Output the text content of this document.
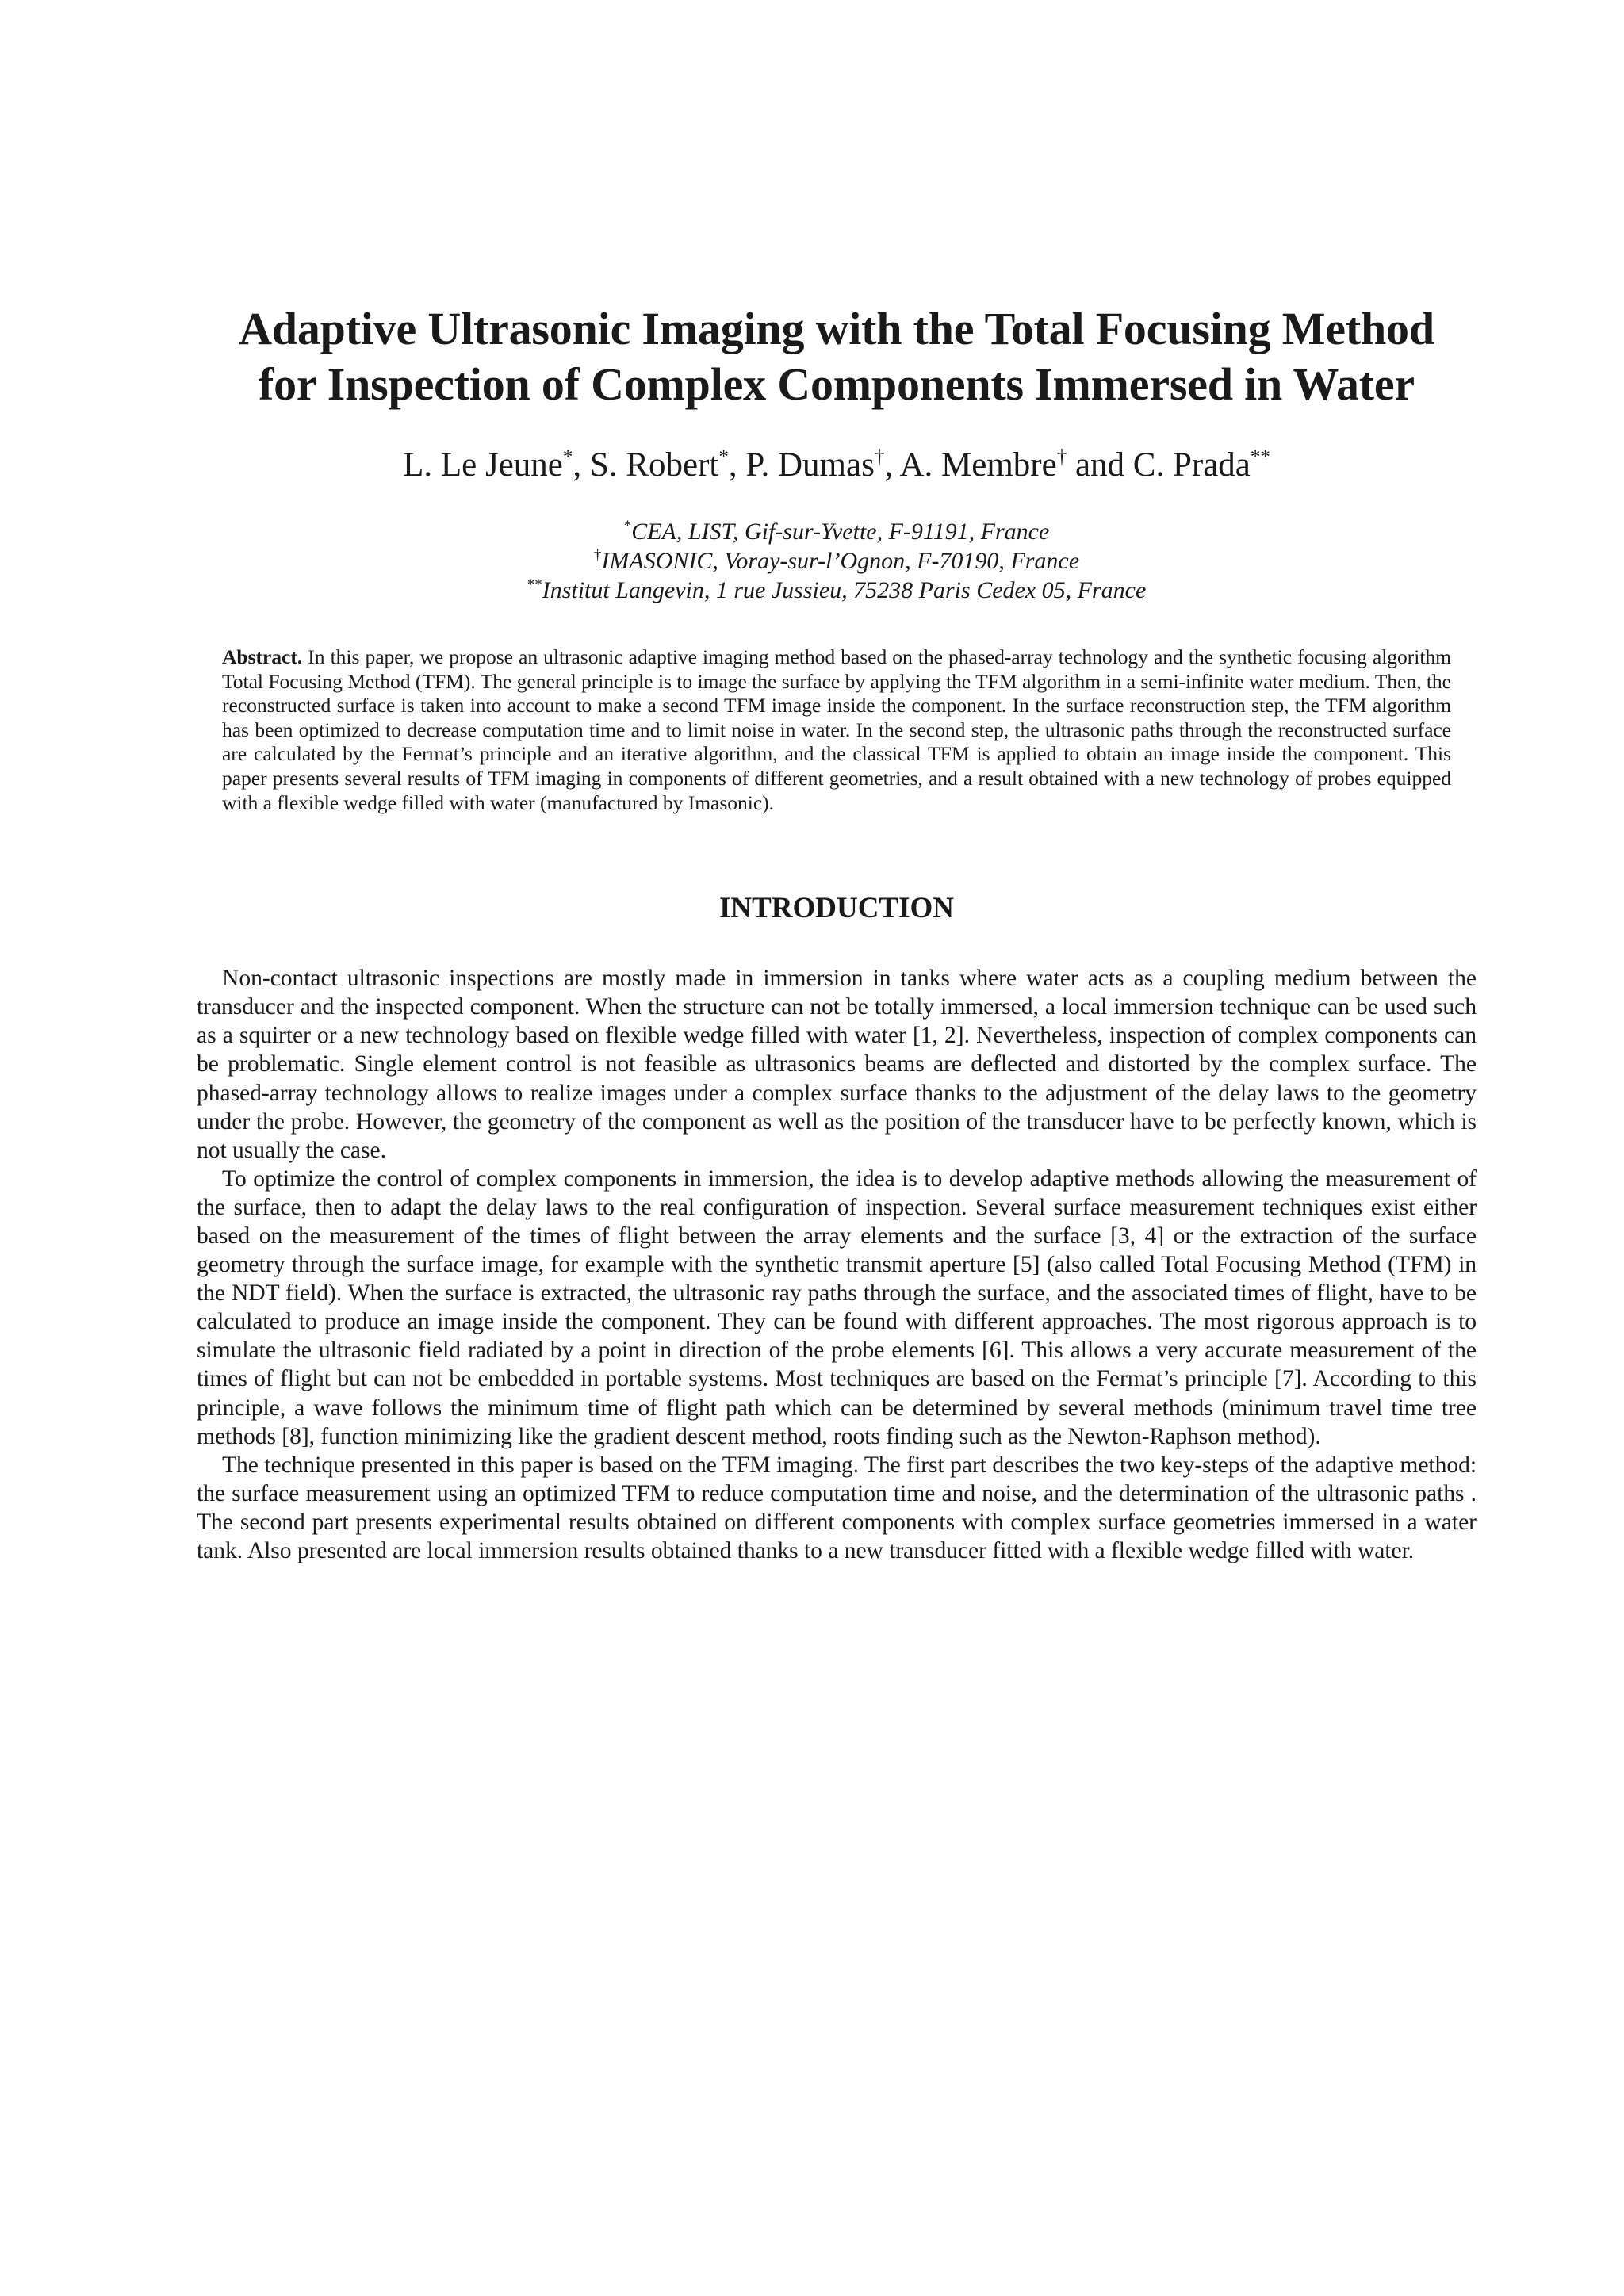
Adaptive Ultrasonic Imaging with the Total Focusing Method
for Inspection of Complex Components Immersed in Water
L. Le Jeune*, S. Robert*, P. Dumas†, A. Membre† and C. Prada**
*CEA, LIST, Gif-sur-Yvette, F-91191, France
†IMASONIC, Voray-sur-l’Ognon, F-70190, France
**Institut Langevin, 1 rue Jussieu, 75238 Paris Cedex 05, France
Abstract. In this paper, we propose an ultrasonic adaptive imaging method based on the phased-array technology and the synthetic focusing algorithm Total Focusing Method (TFM). The general principle is to image the surface by applying the TFM algorithm in a semi-infinite water medium. Then, the reconstructed surface is taken into account to make a second TFM image inside the component. In the surface reconstruction step, the TFM algorithm has been optimized to decrease computation time and to limit noise in water. In the second step, the ultrasonic paths through the reconstructed surface are calculated by the Fermat’s principle and an iterative algorithm, and the classical TFM is applied to obtain an image inside the component. This paper presents several results of TFM imaging in components of different geometries, and a result obtained with a new technology of probes equipped with a flexible wedge filled with water (manufactured by Imasonic).
INTRODUCTION

Non-contact ultrasonic inspections are mostly made in immersion in tanks where water acts as a coupling medium between the transducer and the inspected component. When the structure can not be totally immersed, a local immersion technique can be used such as a squirter or a new technology based on flexible wedge filled with water [1, 2]. Nevertheless, inspection of complex components can be problematic. Single element control is not feasible as ultrasonics beams are deflected and distorted by the complex surface. The phased-array technology allows to realize images under a complex surface thanks to the adjustment of the delay laws to the geometry under the probe. However, the geometry of the component as well as the position of the transducer have to be perfectly known, which is not usually the case.

To optimize the control of complex components in immersion, the idea is to develop adaptive methods allowing the measurement of the surface, then to adapt the delay laws to the real configuration of inspection. Several surface measurement techniques exist either based on the measurement of the times of flight between the array elements and the surface [3, 4] or the extraction of the surface geometry through the surface image, for example with the synthetic transmit aperture [5] (also called Total Focusing Method (TFM) in the NDT field). When the surface is extracted, the ultrasonic ray paths through the surface, and the associated times of flight, have to be calculated to produce an image inside the component. They can be found with different approaches. The most rigorous approach is to simulate the ultrasonic field radiated by a point in direction of the probe elements [6]. This allows a very accurate measurement of the times of flight but can not be embedded in portable systems. Most techniques are based on the Fermat’s principle [7]. According to this principle, a wave follows the minimum time of flight path which can be determined by several methods (minimum travel time tree methods [8], function minimizing like the gradient descent method, roots finding such as the Newton-Raphson method).

The technique presented in this paper is based on the TFM imaging. The first part describes the two key-steps of the adaptive method: the surface measurement using an optimized TFM to reduce computation time and noise, and the determination of the ultrasonic paths . The second part presents experimental results obtained on different components with complex surface geometries immersed in a water tank. Also presented are local immersion results obtained thanks to a new transducer fitted with a flexible wedge filled with water.
